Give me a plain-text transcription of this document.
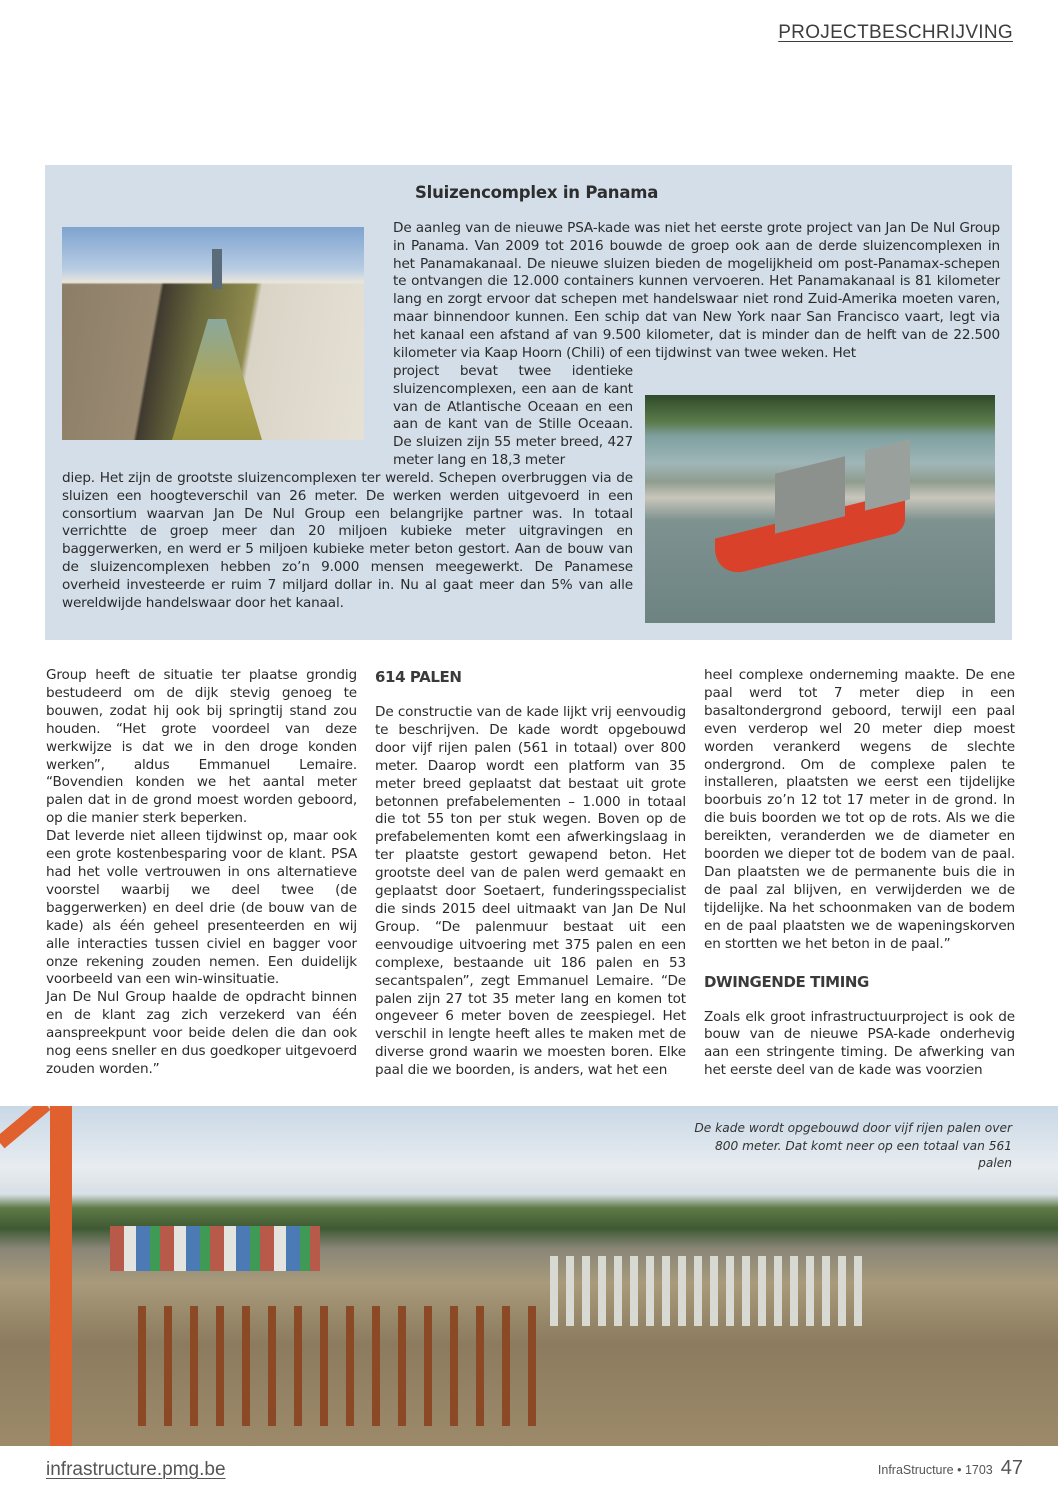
PROJECTBESCHRIJVING
Sluizencomplex in Panama
De aanleg van de nieuwe PSA-kade was niet het eerste grote project van Jan De Nul Group in Panama. Van 2009 tot 2016 bouwde de groep ook aan de derde sluizencomplexen in het Panamakanaal. De nieuwe sluizen bieden de mogelijkheid om post-Panamax-schepen te ontvangen die 12.000 containers kunnen vervoeren. Het Panamakanaal is 81 kilometer lang en zorgt ervoor dat schepen met handelswaar niet rond Zuid-Amerika moeten varen, maar binnendoor kunnen. Een schip dat van New York naar San Francisco vaart, legt via het kanaal een afstand af van 9.500 kilometer, dat is minder dan de helft van de 22.500 kilometer via Kaap Hoorn (Chili) of een tijdwinst van twee weken. Het
project bevat twee identieke sluizencomplexen, een aan de kant van de Atlantische Oceaan en een aan de kant van de Stille Oceaan. De sluizen zijn 55 meter breed, 427 meter lang en 18,3 meter
diep. Het zijn de grootste sluizencomplexen ter wereld. Schepen overbruggen via de sluizen een hoogteverschil van 26 meter. De werken werden uitgevoerd in een consortium waarvan Jan De Nul Group een belangrijke partner was. In totaal verrichtte de groep meer dan 20 miljoen kubieke meter uitgravingen en baggerwerken, en werd er 5 miljoen kubieke meter beton gestort. Aan de bouw van de sluizencomplexen hebben zo’n 9.000 mensen meegewerkt. De Panamese overheid investeerde er ruim 7 miljard dollar in. Nu al gaat meer dan 5% van alle wereldwijde handelswaar door het kanaal.

Group heeft de situatie ter plaatse grondig bestudeerd om de dijk stevig genoeg te bouwen, zodat hij ook bij springtij stand zou houden. “Het grote voordeel van deze werkwijze is dat we in den droge konden werken”, aldus Emmanuel Lemaire. “Bovendien konden we het aantal meter palen dat in de grond moest worden geboord, op die manier sterk beperken.

Dat leverde niet alleen tijdwinst op, maar ook een grote kostenbesparing voor de klant. PSA had het volle vertrouwen in ons alternatieve voorstel waarbij we deel twee (de baggerwerken) en deel drie (de bouw van de kade) als één geheel presenteerden en wij alle interacties tussen civiel en bagger voor onze rekening zouden nemen. Een duidelijk voorbeeld van een win-winsituatie.

Jan De Nul Group haalde de opdracht binnen en de klant zag zich verzekerd van één aanspreekpunt voor beide delen die dan ook nog eens sneller en dus goedkoper uitgevoerd zouden worden.”

614 PALEN

De constructie van de kade lijkt vrij eenvoudig te beschrijven. De kade wordt opgebouwd door vijf rijen palen (561 in totaal) over 800 meter. Daarop wordt een platform van 35 meter breed geplaatst dat bestaat uit grote betonnen prefabelementen – 1.000 in totaal die tot 55 ton per stuk wegen. Boven op de prefabelementen komt een afwerkingslaag in ter plaatste gestort gewapend beton. Het grootste deel van de palen werd gemaakt en geplaatst door Soetaert, funderingsspecialist die sinds 2015 deel uitmaakt van Jan De Nul Group. “De palenmuur bestaat uit een eenvoudige uitvoering met 375 palen en een complexe, bestaande uit 186 palen en 53 secantspalen”, zegt Emmanuel Lemaire. “De palen zijn 27 tot 35 meter lang en komen tot ongeveer 6 meter boven de zeespiegel. Het verschil in lengte heeft alles te maken met de diverse grond waarin we moesten boren. Elke paal die we boorden, is anders, wat het een

heel complexe onderneming maakte. De ene paal werd tot 7 meter diep in een basaltondergrond geboord, terwijl een paal even verderop wel 20 meter diep moest worden verankerd wegens de slechte ondergrond. Om de complexe palen te installeren, plaatsten we eerst een tijdelijke boorbuis zo’n 12 tot 17 meter in de grond. In die buis boorden we tot op de rots. Als we die bereikten, veranderden we de diameter en boorden we dieper tot de bodem van de paal. Dan plaatsten we de permanente buis die in de paal zal blijven, en verwijderden we de tijdelijke. Na het schoonmaken van de bodem en de paal plaatsten we de wapeningskorven en stortten we het beton in de paal.”

DWINGENDE TIMING

Zoals elk groot infrastructuurproject is ook de bouw van de nieuwe PSA-kade onderhevig aan een stringente timing. De afwerking van het eerste deel van de kade was voorzien

De kade wordt opgebouwd door vijf rijen palen over 800 meter. Dat komt neer op een totaal van 561 palen
infrastructure.pmg.be	InfraStructure • 1703 47
